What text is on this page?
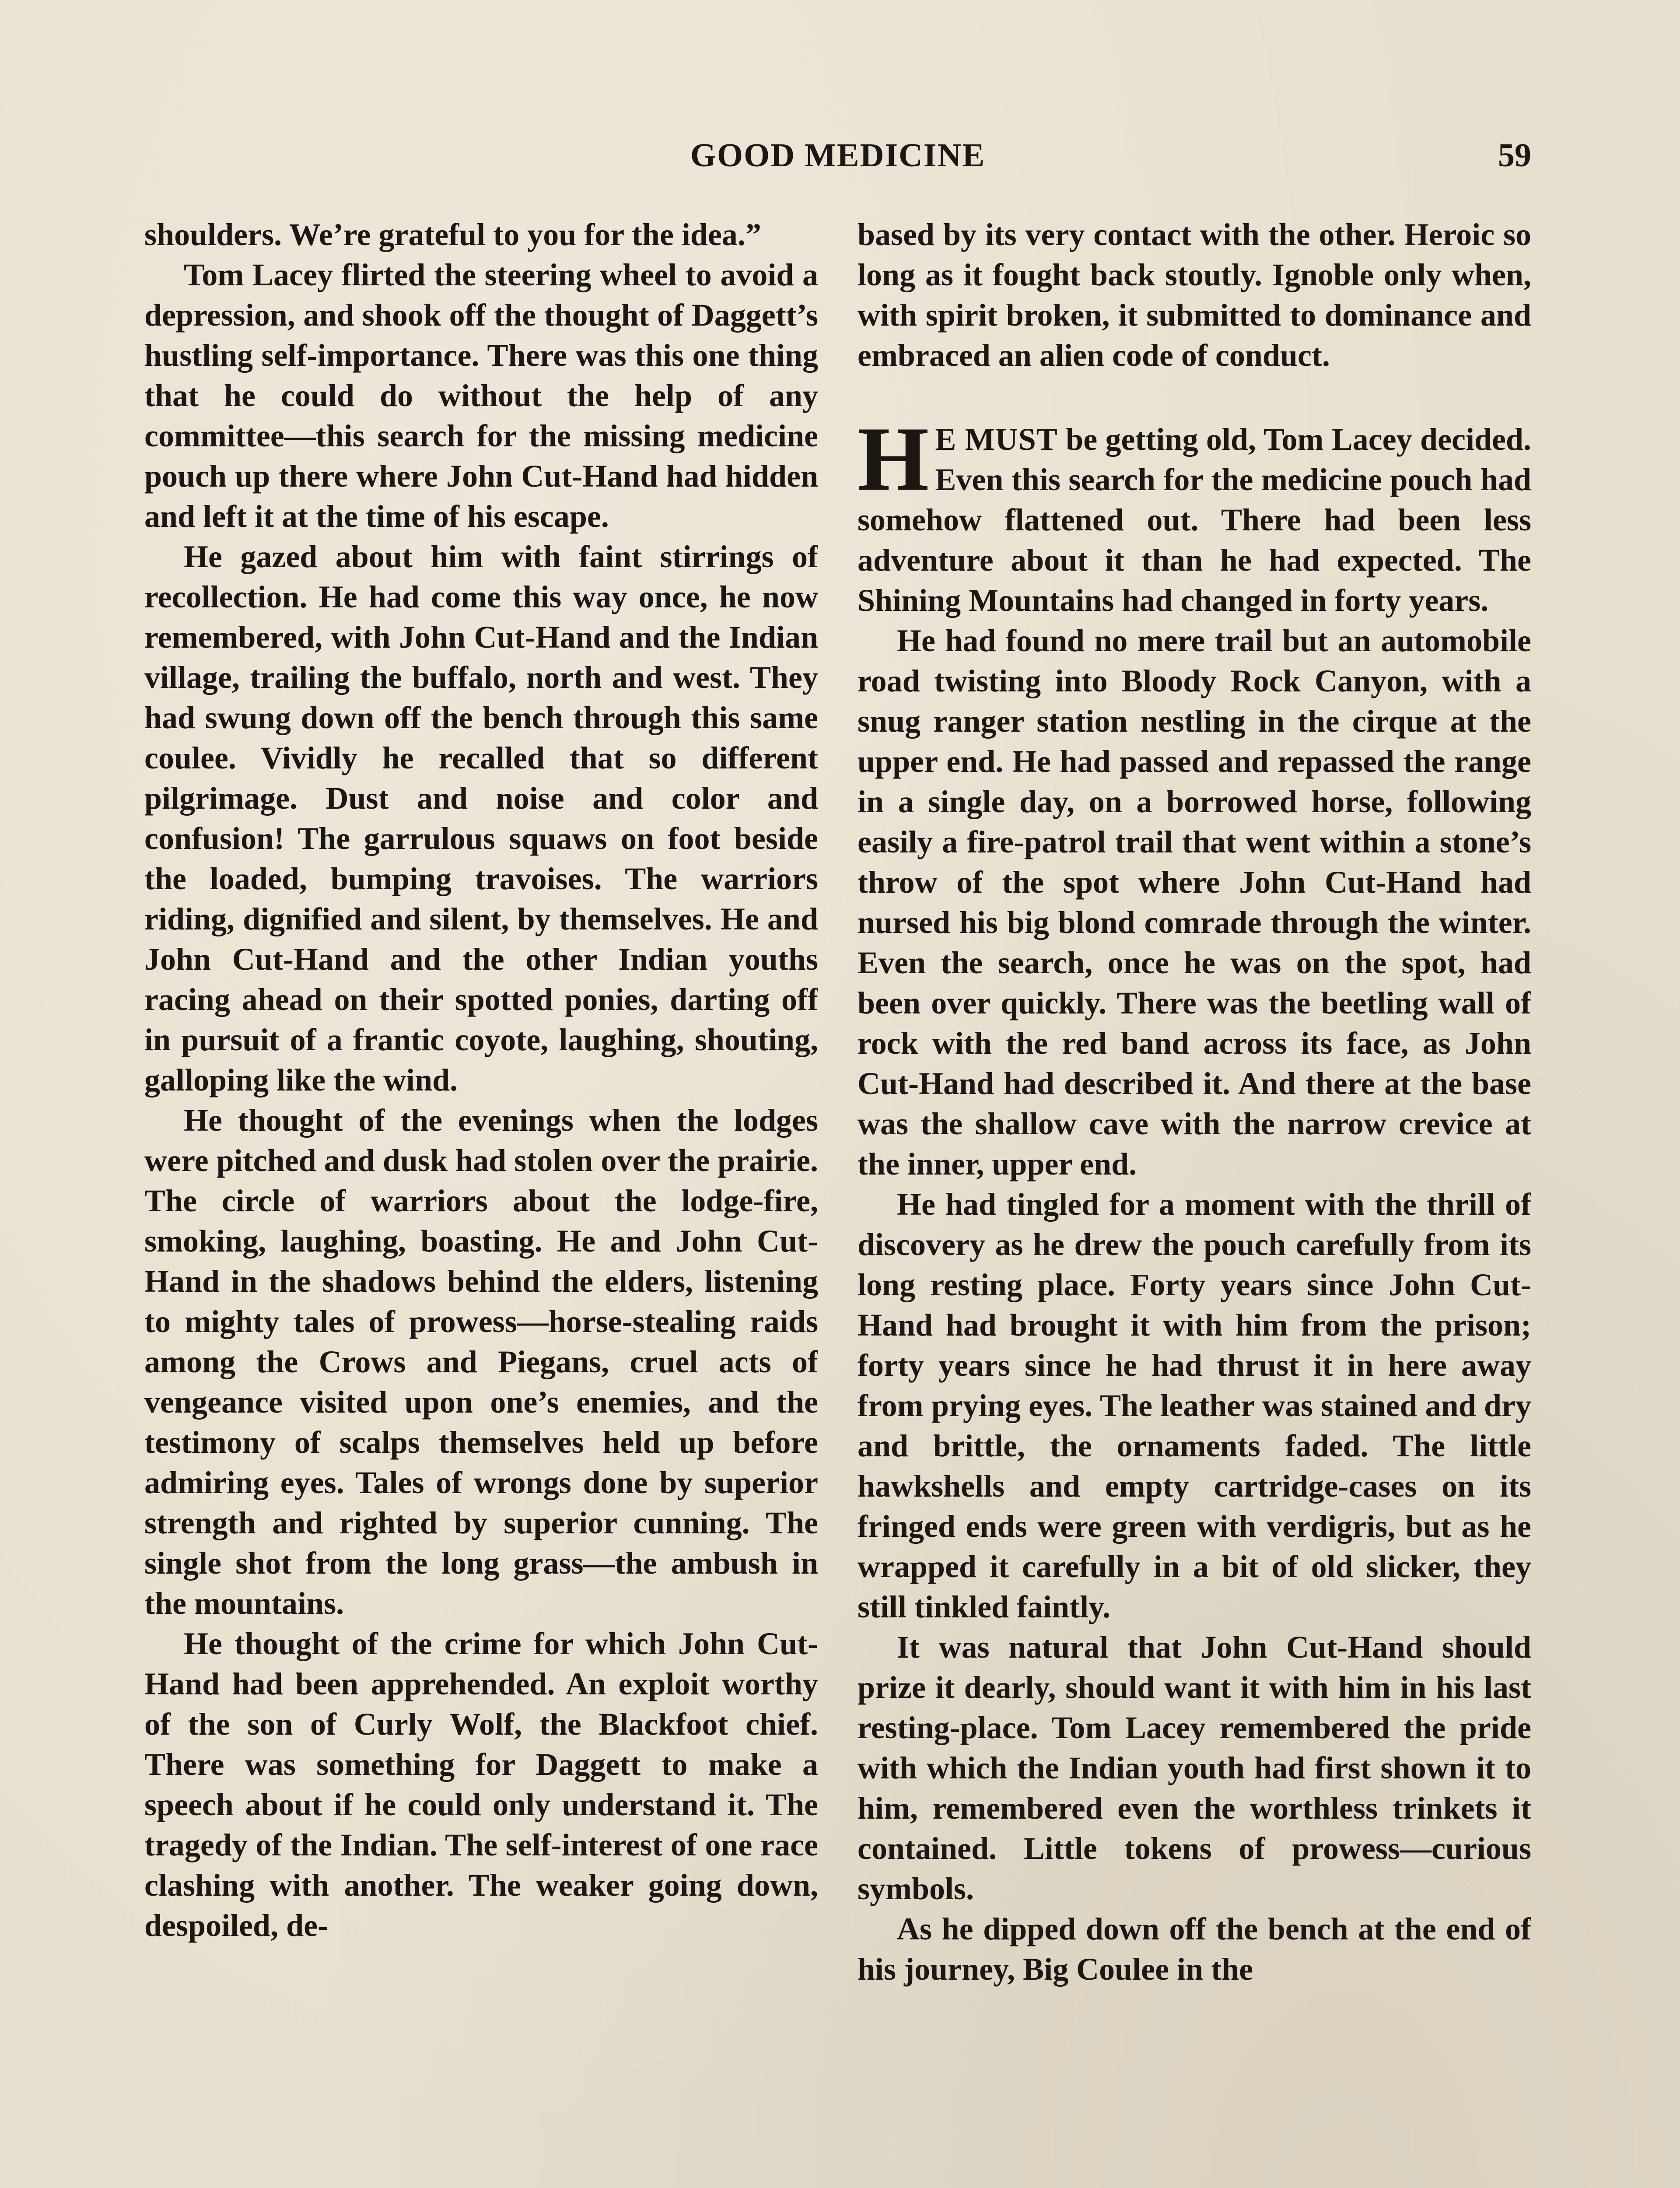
GOOD MEDICINE	59

shoulders. We’re grateful to you for the idea.”

Tom Lacey flirted the steering wheel to avoid a depression, and shook off the thought of Daggett’s hustling self-importance. There was this one thing that he could do without the help of any committee—this search for the missing medicine pouch up there where John Cut-Hand had hidden and left it at the time of his escape.

He gazed about him with faint stirrings of recollection. He had come this way once, he now remembered, with John Cut-Hand and the Indian village, trailing the buffalo, north and west. They had swung down off the bench through this same coulee. Vividly he recalled that so different pilgrimage. Dust and noise and color and confusion! The garrulous squaws on foot beside the loaded, bumping travoises. The warriors riding, dignified and silent, by themselves. He and John Cut-Hand and the other Indian youths racing ahead on their spotted ponies, darting off in pursuit of a frantic coyote, laughing, shouting, galloping like the wind.

He thought of the evenings when the lodges were pitched and dusk had stolen over the prairie. The circle of warriors about the lodge-fire, smoking, laughing, boasting. He and John Cut-Hand in the shadows behind the elders, listening to mighty tales of prowess—horse-stealing raids among the Crows and Piegans, cruel acts of vengeance visited upon one’s enemies, and the testimony of scalps themselves held up before admiring eyes. Tales of wrongs done by superior strength and righted by superior cunning. The single shot from the long grass—the ambush in the mountains.

He thought of the crime for which John Cut-Hand had been apprehended. An exploit worthy of the son of Curly Wolf, the Blackfoot chief. There was something for Daggett to make a speech about if he could only understand it. The tragedy of the Indian. The self-interest of one race clashing with another. The weaker going down, despoiled, de-

based by its very contact with the other. Heroic so long as it fought back stoutly. Ignoble only when, with spirit broken, it submitted to dominance and embraced an alien code of conduct.

H E MUST be getting old, Tom Lacey decided. Even this search for the medicine pouch had somehow flattened out. There had been less adventure about it than he had expected. The Shining Mountains had changed in forty years.

He had found no mere trail but an automobile road twisting into Bloody Rock Canyon, with a snug ranger station nestling in the cirque at the upper end. He had passed and repassed the range in a single day, on a borrowed horse, following easily a fire-patrol trail that went within a stone’s throw of the spot where John Cut-Hand had nursed his big blond comrade through the winter. Even the search, once he was on the spot, had been over quickly. There was the beetling wall of rock with the red band across its face, as John Cut-Hand had described it. And there at the base was the shallow cave with the narrow crevice at the inner, upper end.

He had tingled for a moment with the thrill of discovery as he drew the pouch carefully from its long resting place. Forty years since John Cut-Hand had brought it with him from the prison; forty years since he had thrust it in here away from prying eyes. The leather was stained and dry and brittle, the ornaments faded. The little hawkshells and empty cartridge-cases on its fringed ends were green with verdigris, but as he wrapped it carefully in a bit of old slicker, they still tinkled faintly.

It was natural that John Cut-Hand should prize it dearly, should want it with him in his last resting-place. Tom Lacey remembered the pride with which the Indian youth had first shown it to him, remembered even the worthless trinkets it contained. Little tokens of prowess—curious symbols.

As he dipped down off the bench at the end of his journey, Big Coulee in the
